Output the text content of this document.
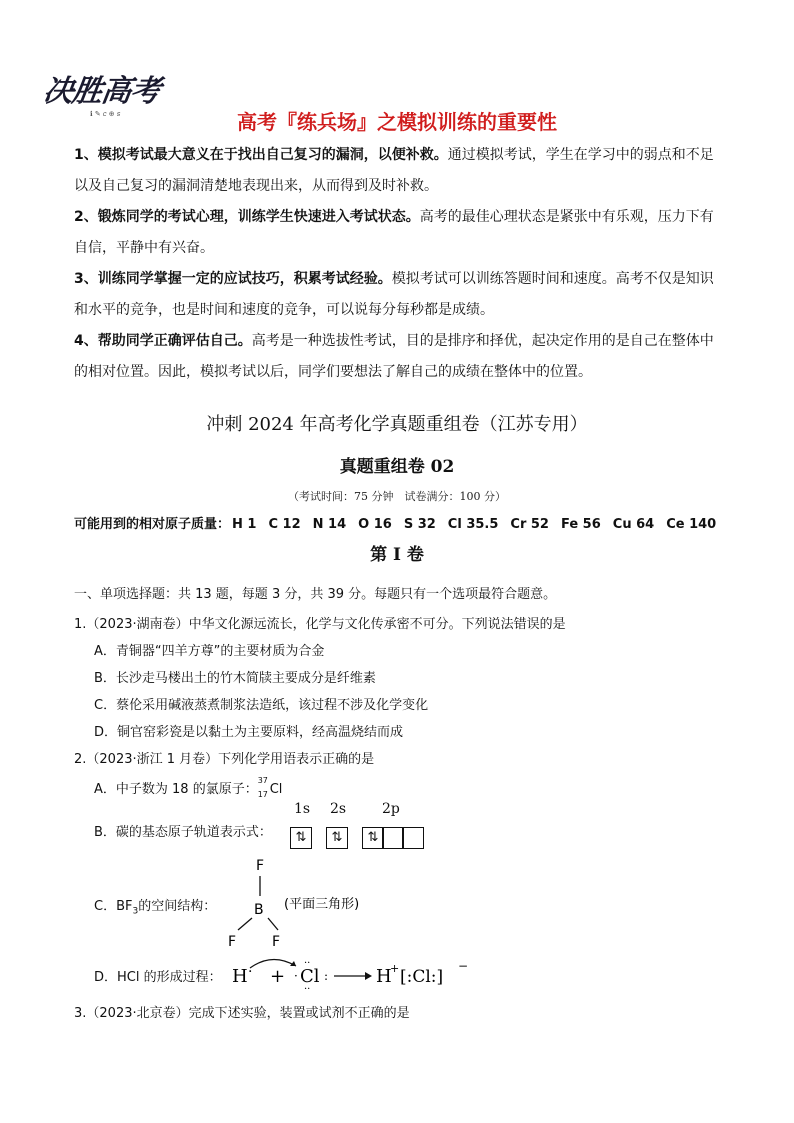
决胜高考
ℹ ✎ 𝑐 ⊕ 𝑠	高考『练兵场』之模拟训练的重要性
1、模拟考试最大意义在于找出自己复习的漏洞，以便补救。通过模拟考试，学生在学习中的弱点和不足以及自己复习的漏洞清楚地表现出来，从而得到及时补救。
2、锻炼同学的考试心理，训练学生快速进入考试状态。高考的最佳心理状态是紧张中有乐观，压力下有自信，平静中有兴奋。
3、训练同学掌握一定的应试技巧，积累考试经验。模拟考试可以训练答题时间和速度。高考不仅是知识和水平的竞争，也是时间和速度的竞争，可以说每分每秒都是成绩。
4、帮助同学正确评估自己。高考是一种选拔性考试，目的是排序和择优，起决定作用的是自己在整体中的相对位置。因此，模拟考试以后，同学们要想法了解自己的成绩在整体中的位置。
冲刺 2024 年高考化学真题重组卷（江苏专用）
真题重组卷 02
（考试时间：75 分钟　试卷满分：100 分）
可能用到的相对原子质量： H 1 C 12 N 14 O 16 S 32 Cl 35.5 Cr 52 Fe 56 Cu 64 Ce 140
第 I 卷
一、单项选择题：共 13 题，每题 3 分，共 39 分。每题只有一个选项最符合题意。
1.（2023·湖南卷）中华文化源远流长，化学与文化传承密不可分。下列说法错误的是
A．青铜器“四羊方尊”的主要材质为合金
B．长沙走马楼出土的竹木简牍主要成分是纤维素
C．蔡伦采用碱液蒸煮制浆法造纸，该过程不涉及化学变化
D．铜官窑彩瓷是以黏土为主要原料，经高温烧结而成
2.（2023·浙江 1 月卷）下列化学用语表示正确的是
A．中子数为 18 的氯原子：
37
17 Cl
B．碳的基态原子轨道表示式：
1s 2s	2p
⇅	⇅	⇅
C．$BF_3$的空间结构：
F
B
F	F
(平面三角形)
D．HCl 的形成过程： H · + Cl
· :
··
··
H
+ [:Cl:]
−
3.（2023·北京卷）完成下述实验，装置或试剂不正确的是
